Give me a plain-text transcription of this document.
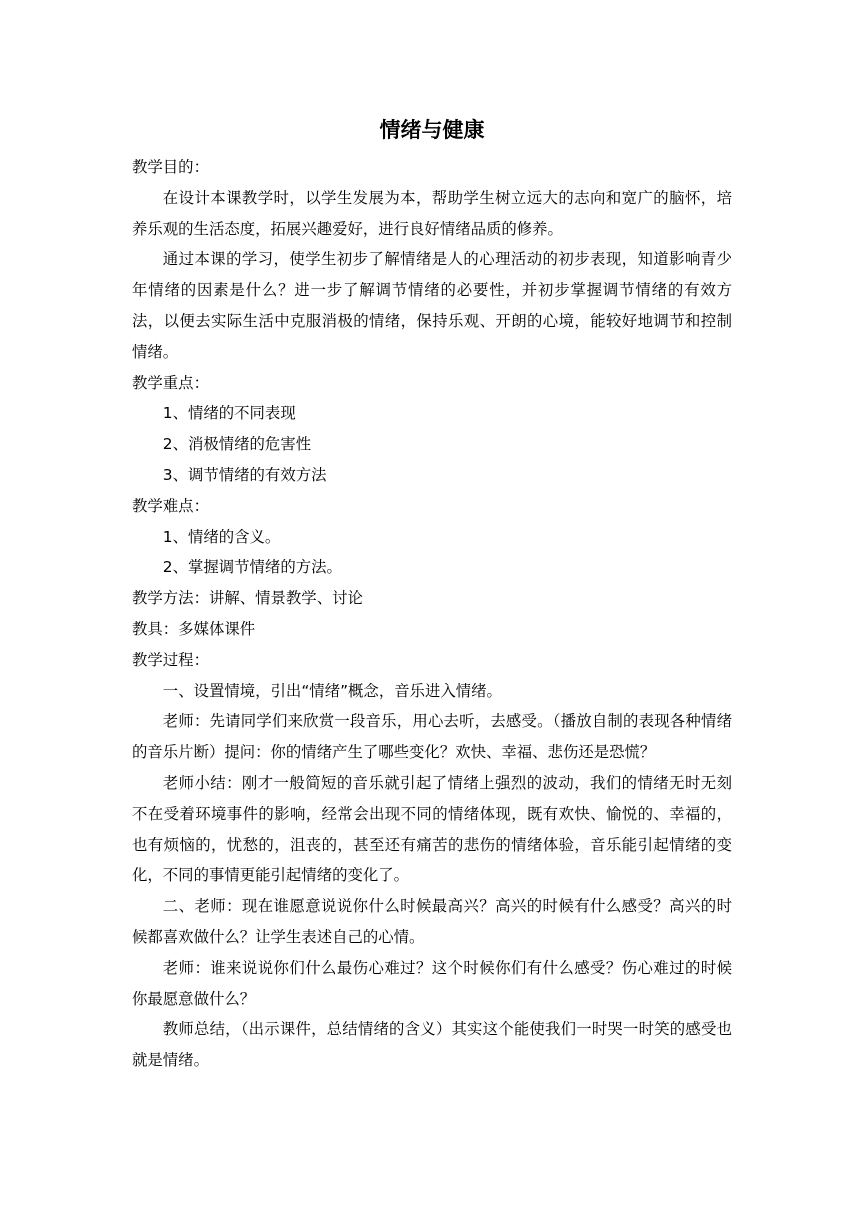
情绪与健康

教学目的：

在设计本课教学时，以学生发展为本，帮助学生树立远大的志向和宽广的脑怀，培养乐观的生活态度，拓展兴趣爱好，进行良好情绪品质的修养。

通过本课的学习，使学生初步了解情绪是人的心理活动的初步表现，知道影响青少年情绪的因素是什么？进一步了解调节情绪的必要性，并初步掌握调节情绪的有效方法，以便去实际生活中克服消极的情绪，保持乐观、开朗的心境，能较好地调节和控制情绪。

教学重点：

1、情绪的不同表现

2、消极情绪的危害性

3、调节情绪的有效方法

教学难点：

1、情绪的含义。

2、掌握调节情绪的方法。

教学方法：讲解、情景教学、讨论

教具：多媒体课件

教学过程：

一、设置情境，引出“情绪”概念，音乐进入情绪。

老师：先请同学们来欣赏一段音乐，用心去听，去感受。（播放自制的表现各种情绪的音乐片断）提问：你的情绪产生了哪些变化？欢快、幸福、悲伤还是恐慌？

老师小结：刚才一般简短的音乐就引起了情绪上强烈的波动，我们的情绪无时无刻不在受着环境事件的影响，经常会出现不同的情绪体现，既有欢快、愉悦的、幸福的，也有烦恼的，忧愁的，沮丧的，甚至还有痛苦的悲伤的情绪体验，音乐能引起情绪的变化，不同的事情更能引起情绪的变化了。

二、老师：现在谁愿意说说你什么时候最高兴？高兴的时候有什么感受？高兴的时候都喜欢做什么？让学生表述自己的心情。

老师：谁来说说你们什么最伤心难过？这个时候你们有什么感受？伤心难过的时候你最愿意做什么？

教师总结，（出示课件，总结情绪的含义）其实这个能使我们一时哭一时笑的感受也就是情绪。
